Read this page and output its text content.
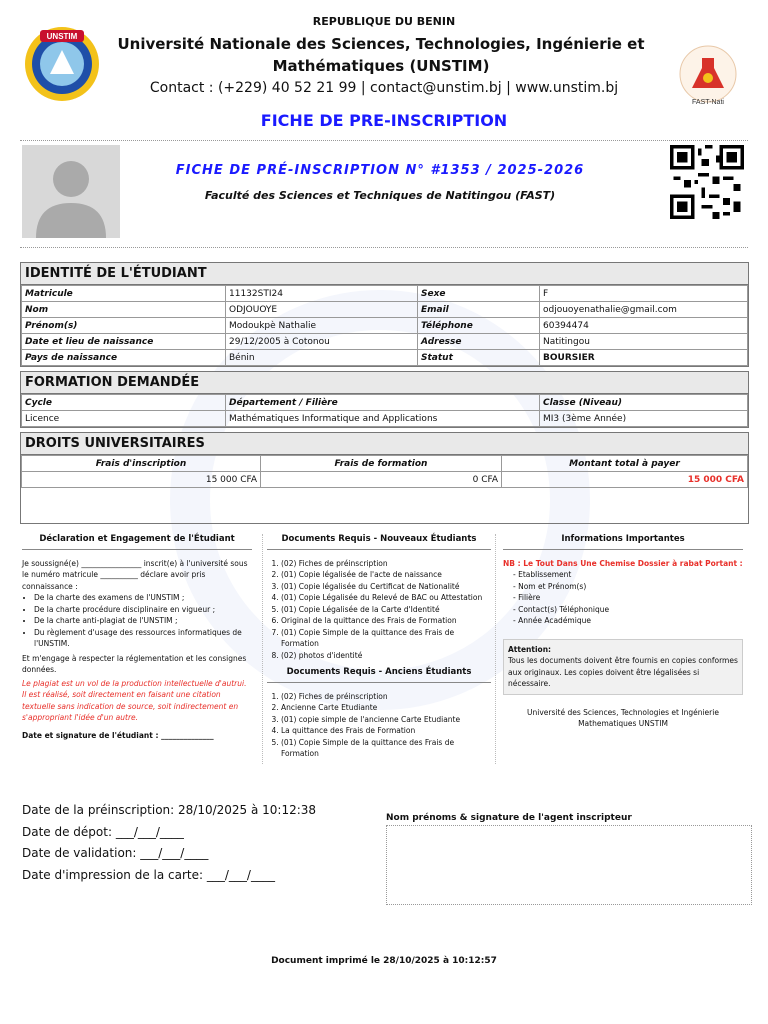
UNSTIM
REPUBLIQUE DU BENIN
Université Nationale des Sciences, Technologies, Ingénierie et Mathématiques (UNSTIM)
Contact : (+229) 40 52 21 99 | contact@unstim.bj | www.unstim.bj
FAST-Nati
FICHE DE PRE-INSCRIPTION
FICHE DE PRÉ-INSCRIPTION N° #1353 / 2025-2026
Faculté des Sciences et Techniques de Natitingou (FAST)
IDENTITÉ DE L'ÉTUDIANT
Matricule	11132STI24	Sexe	F
Nom	ODJOUOYE	Email	odjouoyenathalie@gmail.com
Prénom(s)	Modoukpè Nathalie	Téléphone	60394474
Date et lieu de naissance	29/12/2005 à Cotonou	Adresse	Natitingou
Pays de naissance	Bénin	Statut	BOURSIER
FORMATION DEMANDÉE
Cycle	Département / Filière	Classe (Niveau)
Licence	Mathématiques Informatique and Applications	MI3 (3ème Année)
DROITS UNIVERSITAIRES
Frais d'inscription	Frais de formation	Montant total à payer
15 000 CFA	0 CFA	15 000 CFA
Déclaration et Engagement de l'Étudiant
Je soussigné(e) ________________ inscrit(e) à l'université sous le numéro matricule __________ déclare avoir pris connaissance :
• De la charte des examens de l'UNSTIM ;
• De la charte procédure disciplinaire en vigueur ;
• De la charte anti-plagiat de l'UNSTIM ;
• Du règlement d'usage des ressources informatiques de l'UNSTIM.
Et m'engage à respecter la réglementation et les consignes données.
Le plagiat est un vol de la production intellectuelle d'autrui. Il est réalisé, soit directement en faisant une citation textuelle sans indication de source, soit indirectement en s'appropriant l'idée d'un autre.
Date et signature de l'étudiant : ______________
Documents Requis - Nouveaux Étudiants
1. (02) Fiches de préinscription
2. (01) Copie légalisée de l'acte de naissance
3. (01) Copie légalisée du Certificat de Nationalité
4. (01) Copie Légalisée du Relevé de BAC ou Attestation
5. (01) Copie Légalisée de la Carte d'Identité
6. Original de la quittance des Frais de Formation
7. (01) Copie Simple de la quittance des Frais de Formation
8. (02) photos d'identité
Documents Requis - Anciens Étudiants
1. (02) Fiches de préinscription
2. Ancienne Carte Etudiante
3. (01) copie simple de l'ancienne Carte Etudiante
4. La quittance des Frais de Formation
5. (01) Copie Simple de la quittance des Frais de Formation
Informations Importantes
NB : Le Tout Dans Une Chemise Dossier à rabat Portant :
- Etablissement
- Nom et Prénom(s)
- Filière
- Contact(s) Téléphonique
- Année Académique
Attention:
Tous les documents doivent être fournis en copies conformes aux originaux. Les copies doivent être légalisées si nécessaire.
Université des Sciences, Technologies et Ingénierie Mathematiques UNSTIM
Date de la préinscription: 28/10/2025 à 10:12:38
Date de dépot: ___/___/____
Date de validation: ___/___/____
Date d'impression de la carte: ___/___/____
Nom prénoms & signature de l'agent inscripteur
Document imprimé le 28/10/2025 à 10:12:57
